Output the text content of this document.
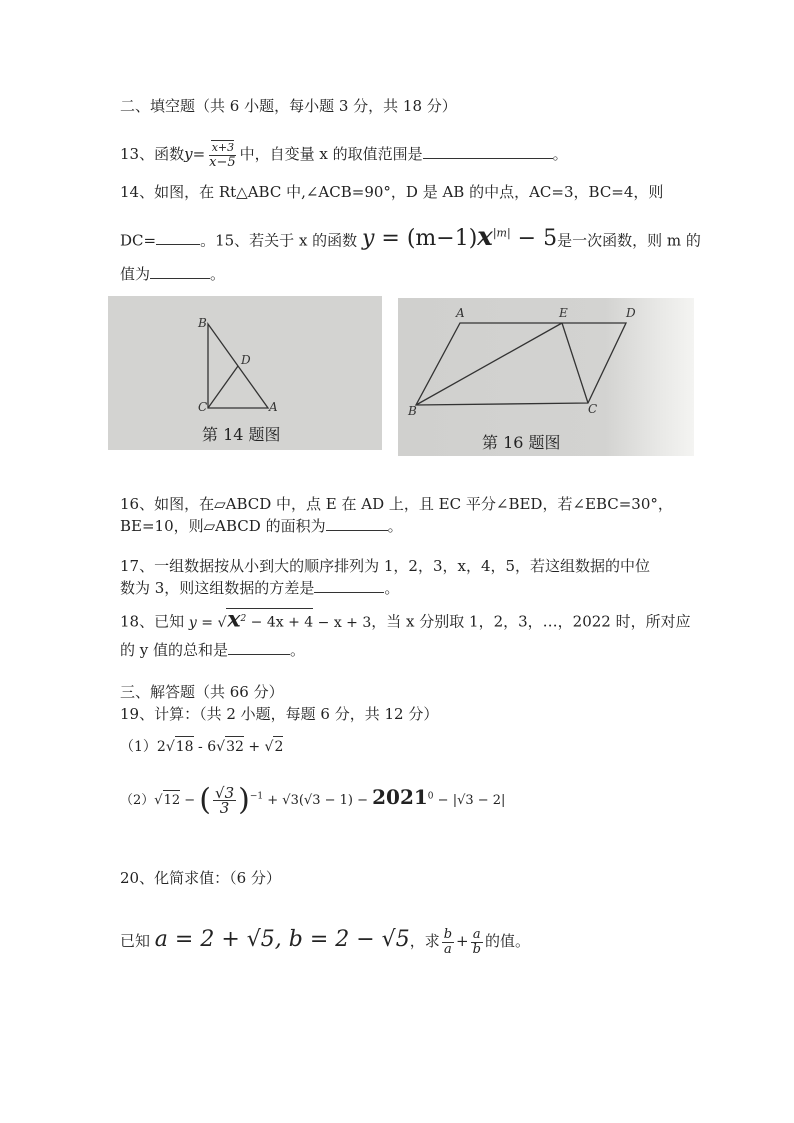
二、填空题（共 6 小题，每小题 3 分，共 18 分）
13、函数$y= \frac{x+3}{x-5}$ 中，自变量 x 的取值范围是	。
14、如图，在 Rt△ABC 中,∠ACB=90°，D 是 AB 的中点，AC=3，BC=4，则
DC=	。15、若关于 x 的函数 $y = (m-1)x^{|m|} - 5$是一次函数，则 m 的
值为	。
B
D
C	A
第 14 题图
A	E	D
B	C
第 16 题图
16、如图，在▱ABCD 中，点 E 在 AD 上，且 EC 平分∠BED，若∠EBC=30°，
BE=10，则▱ABCD 的面积为	。
17、一组数据按从小到大的顺序排列为 1，2，3，x，4，5，若这组数据的中位
数为 3，则这组数据的方差是	。
18、已知 $y = √x^2 - 4x + 4 - x + 3$，当 x 分别取 1，2，3，…，2022 时，所对应
的 y 值的总和是	。
三、解答题（共 66 分）
19、计算：（共 2 小题，每题 6 分，共 12 分）
（1）2√18 - 6√32 + √2
（2）√12 − ( $\frac{√3}{3} )^{-1} + √3(√3 - 1) - 2021^0 - |√3 - 2|$
20、化简求值：（6 分）
已知 a = 2 + √5, b = 2 − √5，求 $\frac{b}{a} + \frac{a}{b}$ 的值。
